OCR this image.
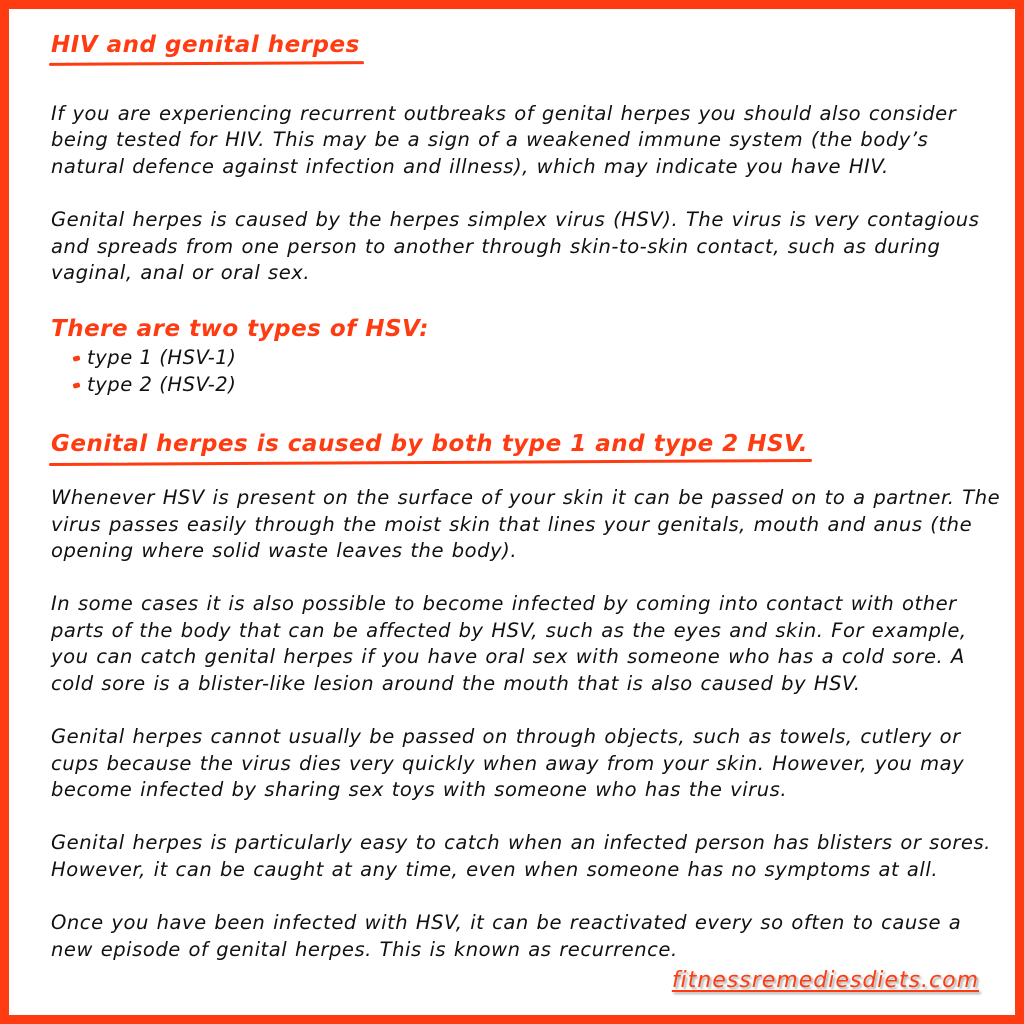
HIV and genital herpes

If you are experiencing recurrent outbreaks of genital herpes you should also consider being tested for HIV. This may be a sign of a weakened immune system (the body’s natural defence against infection and illness), which may indicate you have HIV.

Genital herpes is caused by the herpes simplex virus (HSV). The virus is very contagious and spreads from one person to another through skin-to-skin contact, such as during vaginal, anal or oral sex.

There are two types of HSV:
type 1 (HSV-1)
type 2 (HSV-2)
Genital herpes is caused by both type 1 and type 2 HSV.

Whenever HSV is present on the surface of your skin it can be passed on to a partner. The virus passes easily through the moist skin that lines your genitals, mouth and anus (the opening where solid waste leaves the body).

In some cases it is also possible to become infected by coming into contact with other parts of the body that can be affected by HSV, such as the eyes and skin. For example, you can catch genital herpes if you have oral sex with someone who has a cold sore. A cold sore is a blister-like lesion around the mouth that is also caused by HSV.

Genital herpes cannot usually be passed on through objects, such as towels, cutlery or cups because the virus dies very quickly when away from your skin. However, you may become infected by sharing sex toys with someone who has the virus.

Genital herpes is particularly easy to catch when an infected person has blisters or sores. However, it can be caught at any time, even when someone has no symptoms at all.

Once you have been infected with HSV, it can be reactivated every so often to cause a new episode of genital herpes. This is known as recurrence.

fitnessremediesdiets.com
